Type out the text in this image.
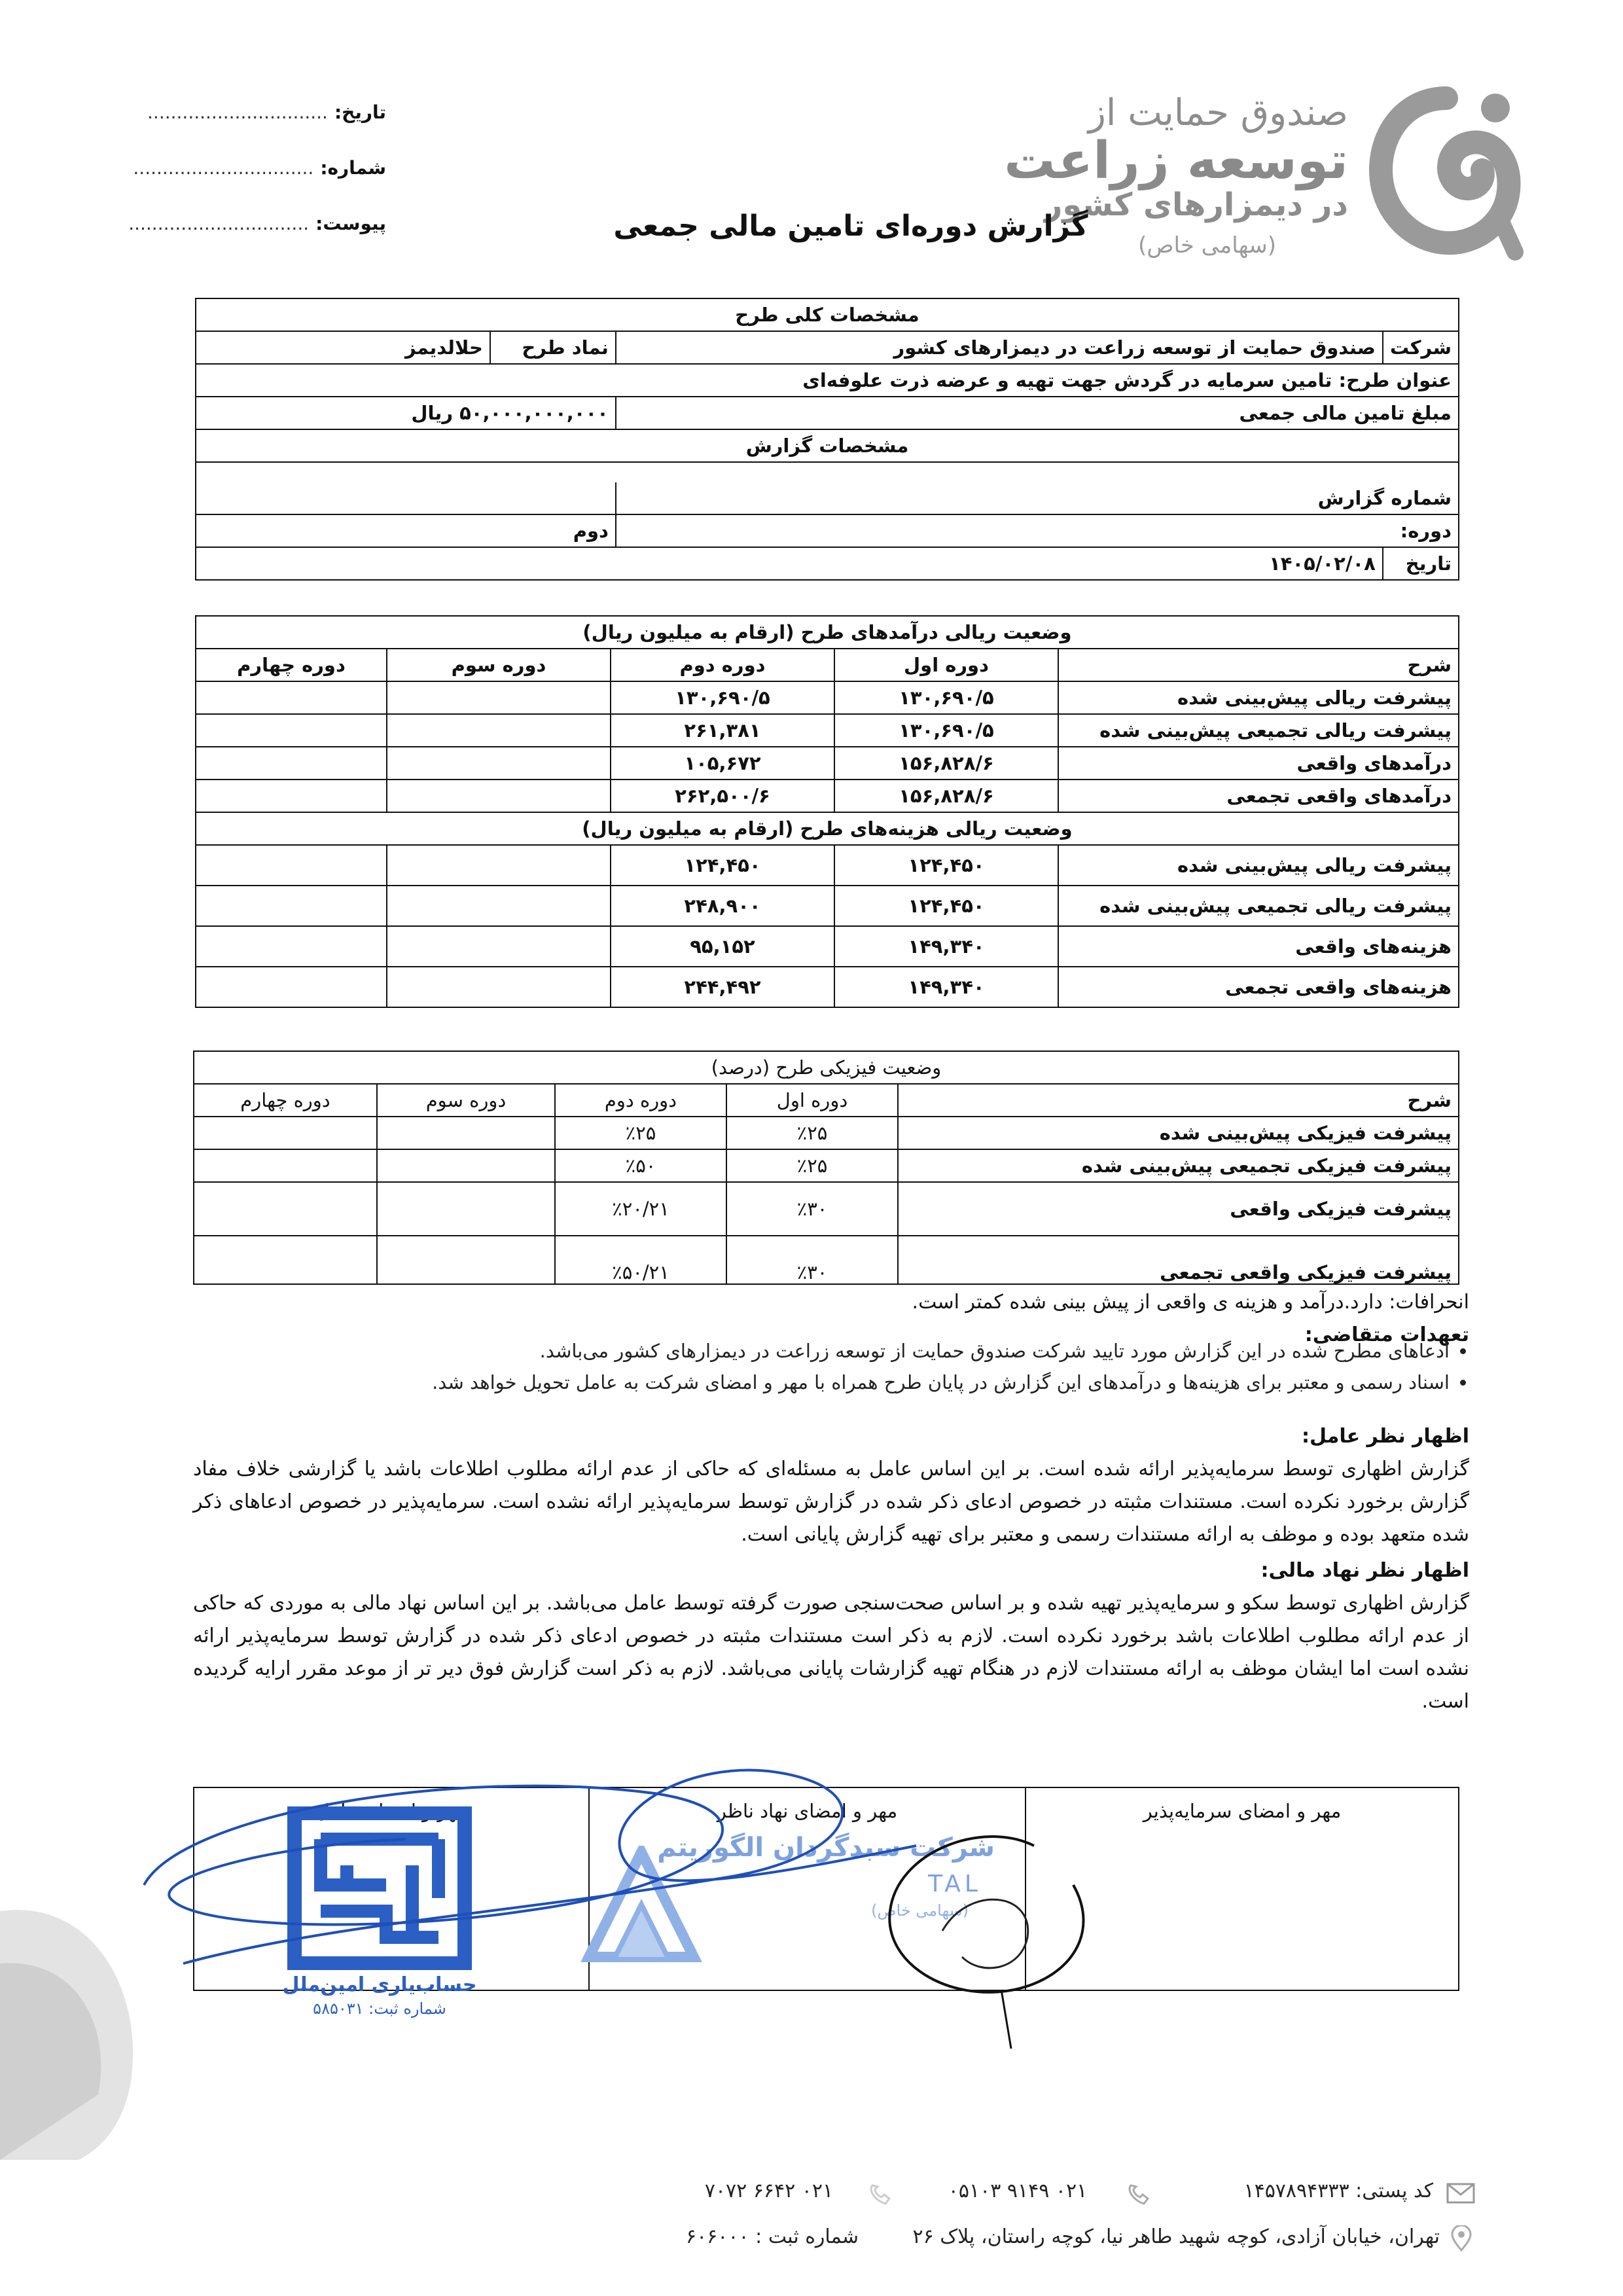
تاریخ:...............................
شماره:...............................
پیوست:...............................
صندوق حمایت از
توسعه زراعت
در دیمزارهای کشور
(سهامی خاص)
گزارش دوره‌ای تامین مالی جمعی
مشخصات کلی طرح			
شرکت	صندوق حمایت از توسعه زراعت در دیمزارهای کشور	نماد طرح	حلالدیمز
عنوان طرح: تامین سرمایه در گردش جهت تهیه و عرضه ذرت علوفه‌ای			
مبلغ تامین مالی جمعی		۵۰,۰۰۰,۰۰۰,۰۰۰ ریال	
مشخصات گزارش			

شماره گزارش			
دوره:		دوم	
تاریخ	۱۴۰۵/۰۲/۰۸		
وضعیت ریالی درآمدهای طرح (ارقام به میلیون ریال)				
شرح	دوره اول	دوره دوم	دوره سوم	دوره چهارم
پیشرفت ریالی پیش‌بینی شده	۱۳۰,۶۹۰/۵	۱۳۰,۶۹۰/۵		
پیشرفت ریالی تجمیعی پیش‌بینی شده	۱۳۰,۶۹۰/۵	۲۶۱,۳۸۱		
درآمدهای واقعی	۱۵۶,۸۲۸/۶	۱۰۵,۶۷۲		
درآمدهای واقعی تجمعی	۱۵۶,۸۲۸/۶	۲۶۲,۵۰۰/۶		
وضعیت ریالی هزینه‌های طرح (ارقام به میلیون ریال)				
پیشرفت ریالی پیش‌بینی شده	۱۲۴,۴۵۰	۱۲۴,۴۵۰		
پیشرفت ریالی تجمیعی پیش‌بینی شده	۱۲۴,۴۵۰	۲۴۸,۹۰۰		
هزینه‌های واقعی	۱۴۹,۳۴۰	۹۵,۱۵۲		
هزینه‌های واقعی تجمعی	۱۴۹,۳۴۰	۲۴۴,۴۹۲		
وضعیت فیزیکی طرح (درصد)				
شرح	دوره اول	دوره دوم	دوره سوم	دوره چهارم
پیشرفت فیزیکی پیش‌بینی شده	٪۲۵	٪۲۵		
پیشرفت فیزیکی تجمیعی پیش‌بینی شده	٪۲۵	٪۵۰		
پیشرفت فیزیکی واقعی	٪۳۰	٪۲۰/۲۱		
پیشرفت فیزیکی واقعی تجمعی	٪۳۰	٪۵۰/۲۱		
انحرافات: دارد.درآمد و هزینه ی واقعی از پیش بینی شده کمتر است.
تعهدات متقاضی:
• ادعاهای مطرح شده در این گزارش مورد تایید شرکت صندوق حمایت از توسعه زراعت در دیمزارهای کشور می‌باشد.
• اسناد رسمی و معتبر برای هزینه‌ها و درآمدهای این گزارش در پایان طرح همراه با مهر و امضای شرکت به عامل تحویل خواهد شد.
اظهار نظر عامل:
گزارش اظهاری توسط سرمایه‌پذیر ارائه شده است. بر این اساس عامل به مسئله‌ای که حاکی از عدم ارائه مطلوب اطلاعات باشد یا گزارشی خلاف مفاد گزارش برخورد نکرده است. مستندات مثبته در خصوص ادعای ذکر شده در گزارش توسط سرمایه‌پذیر ارائه نشده است. سرمایه‌پذیر در خصوص ادعاهای ذکر شده متعهد بوده و موظف به ارائه مستندات رسمی و معتبر برای تهیه گزارش پایانی است.
اظهار نظر نهاد مالی:
گزارش اظهاری توسط سکو و سرمایه‌پذیر تهیه شده و بر اساس صحت‌سنجی صورت گرفته توسط عامل می‌باشد. بر این اساس نهاد مالی به موردی که حاکی از عدم ارائه مطلوب اطلاعات باشد برخورد نکرده است. لازم به ذکر است مستندات مثبته در خصوص ادعای ذکر شده در گزارش توسط سرمایه‌پذیر ارائه نشده است اما ایشان موظف به ارائه مستندات لازم در هنگام تهیه گزارشات پایانی می‌باشد. لازم به ذکر است گزارش فوق دیر تر از موعد مقرر ارایه گردیده است.
مهر و امضای سرمایه‌پذیر	مهر و امضای نهاد ناظر	مهر و امضای عامل
شرکت سبدگردان الگوریتم
TAL
(سهامی خاص)
حساب‌یاری امین‌ملل
شماره ثبت: ۵۸۵۰۳۱
کد پستی: ۱۴۵۷۸۹۴۳۳۳
۰۵۱۰۳ ۹۱۴۹ ۰۲۱
۷۰۷۲ ۶۶۴۲ ۰۲۱
تهران، خیابان آزادی، کوچه شهید طاهر نیا، کوچه راستان، پلاک ۲۶
شماره ثبت : ۶۰۶۰۰۰
